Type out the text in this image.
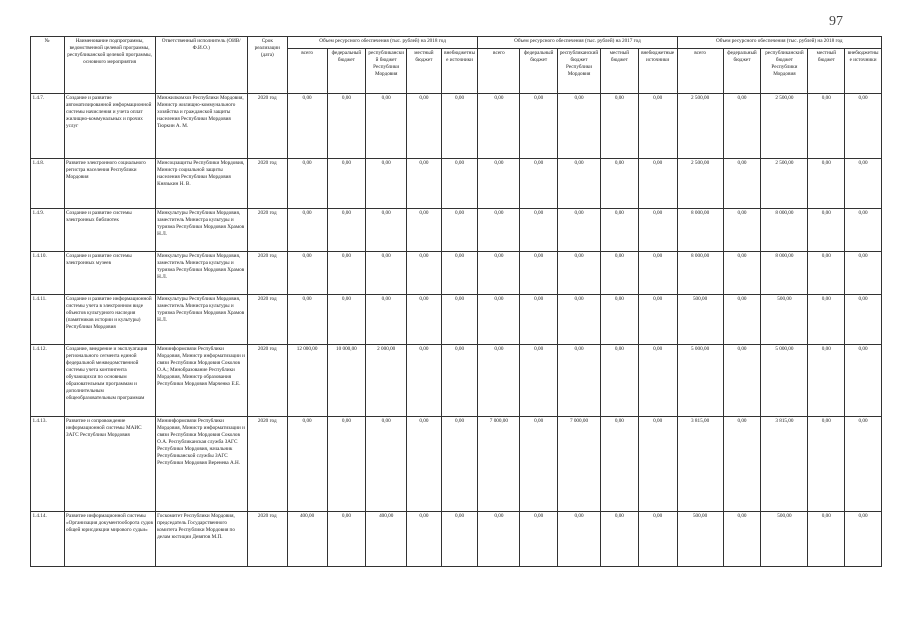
97
№	Наименование подпрограммы, ведомственной целевой программы, республиканской целевой программы, основного мероприятия	Ответственный исполнитель (ОИВ/Ф.И.О.)	Срок реализации (дата)	Объем ресурсного обеспечения (тыс. рублей) на 2018 год					Объем ресурсного обеспечения (тыс. рублей) на 2017 год					Объем ресурсного обеспечения (тыс. рублей) на 2018 год				
				всего	федеральный бюджет	республиканский бюджет Республики Мордовия	местный бюджет	внебюджетные источники	всего	федеральный бюджет	республиканский бюджет Республики Мордовия	местный бюджет	внебюджетные источники	всего	федеральный бюджет	республиканский бюджет Республики Мордовия	местный бюджет	внебюджетные источники
1.4.7.	Создание и развитие автоматизированной информационной системы начисления и учета оплат жилищно-коммунальных и прочих услуг	Минжилкомхоз Республики Мордовия, Министр жилищно-коммунального хозяйства и гражданской защиты населения Республики Мордовия Тюркин А. М.	2020 год	0,00	0,00	0,00	0,00	0,00	0,00	0,00	0,00	0,00	0,00	2 500,00	0,00	2 500,00	0,00	0,00
1.4.8.	Развитие электронного социального регистра населения Республики Мордовия	Минсоцзащиты Республики Мордовия, Министр социальной защиты населения Республики Мордовия Князькин Н. В.	2020 год	0,00	0,00	0,00	0,00	0,00	0,00	0,00	0,00	0,00	0,00	2 500,00	0,00	2 500,00	0,00	0,00
1.4.9.	Создание и развитие системы электронных библиотек	Минкультуры Республики Мордовия, заместитель Министра культуры и туризма Республики Мордовия Храмов Н.Л.	2020 год	0,00	0,00	0,00	0,00	0,00	0,00	0,00	0,00	0,00	0,00	8 000,00	0,00	8 000,00	0,00	0,00
1.4.10.	Создание и развитие системы электронных музеев	Минкультуры Республики Мордовия, заместитель Министра культуры и туризма Республики Мордовия Храмов Н.Л.	2020 год	0,00	0,00	0,00	0,00	0,00	0,00	0,00	0,00	0,00	0,00	8 000,00	0,00	8 000,00	0,00	0,00
1.4.11.	Создание и развитие информационной системы учета в электронном виде объектов культурного наследия (памятников истории и культуры) Республики Мордовия	Минкультуры Республики Мордовия, заместитель Министра культуры и туризма Республики Мордовия Храмов Н.Л.	2020 год	0,00	0,00	0,00	0,00	0,00	0,00	0,00	0,00	0,00	0,00	500,00	0,00	500,00	0,00	0,00
1.4.12.	Создание, внедрение и эксплуатация регионального сегмента единой федеральной межведомственной системы учета контингента обучающихся по основным образовательным программам и дополнительным общеобразовательным программам	Мининформсвязи Республики Мордовия, Министр информатизации и связи Республики Мордовия Соколов О.А.; Минобразование Республики Мордовия, Министр образования Республики Мордовия Марченко Е.Е.	2020 год	12 000,00	10 000,00	2 000,00	0,00	0,00	0,00	0,00	0,00	0,00	0,00	5 000,00	0,00	5 000,00	0,00	0,00
1.4.13.	Развитие и сопровождение информационной системы МАИС ЗАГС Республики Мордовия	Мининформсвязи Республики Мордовия, Министр информатизации и связи Республики Мордовия Соколов О.А. Республиканская служба ЗАГС Республики Мордовия, начальник Республиканской службы ЗАГС Республики Мордовия Веренева А.Н.	2020 год	0,00	0,00	0,00	0,00	0,00	7 000,00	0,00	7 000,00	0,00	0,00	3 815,00	0,00	3 815,00	0,00	0,00
1.4.14.	Развитие информационной системы «Организация документооборота судов общей юрисдикции мирового судьи»	Госкомитет Республики Мордовия, председатель Государственного комитета Республики Мордовия по делам юстиции Девятов М.П.	2020 год	400,00	0,00	400,00	0,00	0,00	0,00	0,00	0,00	0,00	0,00	500,00	0,00	500,00	0,00	0,00
